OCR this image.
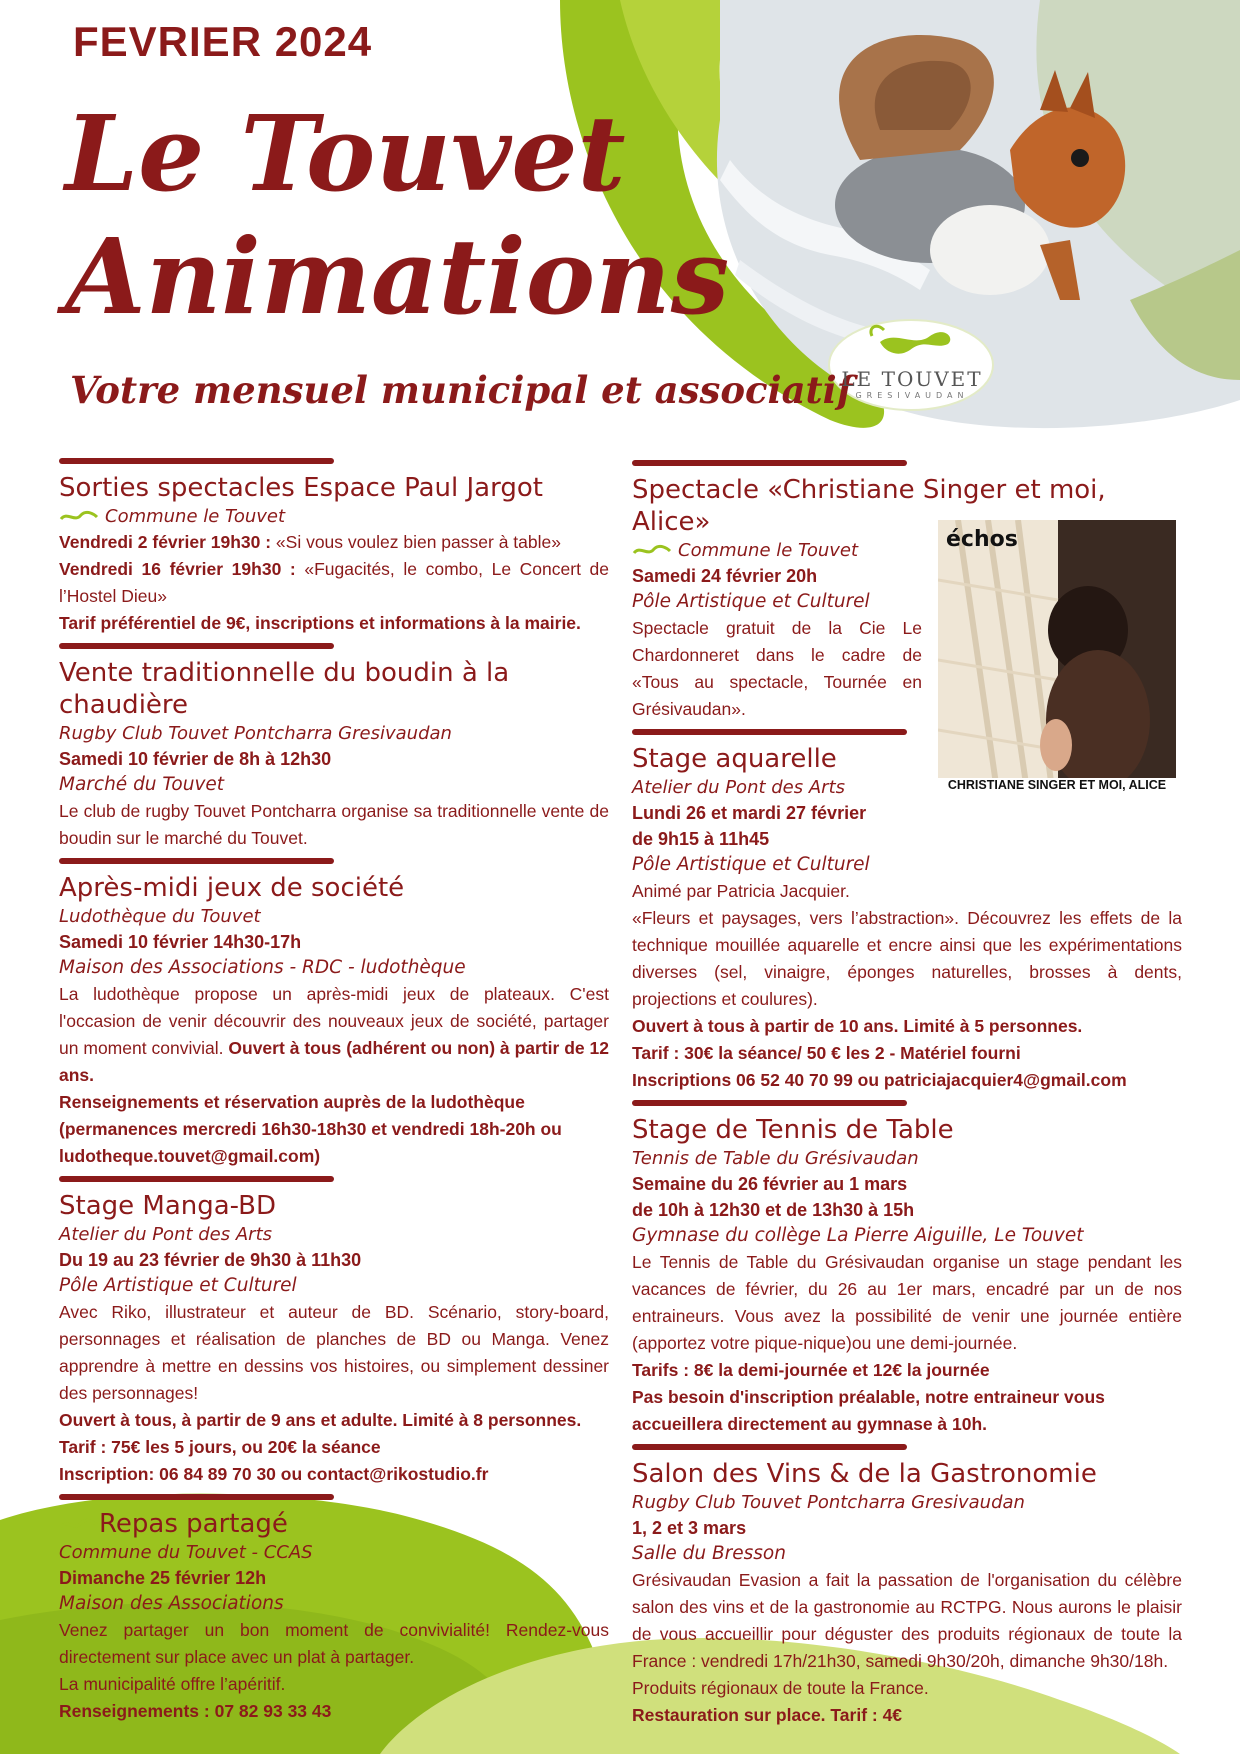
FEVRIER 2024
Le Touvet
Animations
Votre mensuel municipal et associatif
LE TOUVET
GRESIVAUDAN
Sorties spectacles Espace Paul Jargot
Commune le Touvet
Vendredi 2 février 19h30 : «Si vous voulez bien passer à table»
Vendredi 16 février 19h30 : «Fugacités, le combo, Le Concert de l’Hostel Dieu»
Tarif préférentiel de 9€, inscriptions et informations à la mairie.
Vente traditionnelle du boudin à la chaudière
Rugby Club Touvet Pontcharra Gresivaudan
Samedi 10 février de 8h à 12h30
Marché du Touvet
Le club de rugby Touvet Pontcharra organise sa traditionnelle vente de boudin sur le marché du Touvet.
Après-midi jeux de société
Ludothèque du Touvet
Samedi 10 février 14h30-17h
Maison des Associations - RDC - ludothèque
La ludothèque propose un après-midi jeux de plateaux. C'est l'occasion de venir découvrir des nouveaux jeux de société, partager un moment convivial. Ouvert à tous (adhérent ou non) à partir de 12 ans.
Renseignements et réservation auprès de la ludothèque (permanences mercredi 16h30-18h30 et vendredi 18h-20h ou ludotheque.touvet@gmail.com)
Stage Manga-BD
Atelier du Pont des Arts
Du 19 au 23 février de 9h30 à 11h30
Pôle Artistique et Culturel
Avec Riko, illustrateur et auteur de BD. Scénario, story-board, personnages et réalisation de planches de BD ou Manga. Venez apprendre à mettre en dessins vos histoires, ou simplement dessiner des personnages!
Ouvert à tous, à partir de 9 ans et adulte. Limité à 8 personnes.
Tarif : 75€ les 5 jours, ou 20€ la séance
Inscription: 06 84 89 70 30 ou contact@rikostudio.fr
Repas partagé
Commune du Touvet - CCAS
Dimanche 25 février 12h
Maison des Associations
Venez partager un bon moment de convivialité! Rendez-vous directement sur place avec un plat à partager.
La municipalité offre l’apéritif.
Renseignements : 07 82 93 33 43
Spectacle «Christiane Singer et moi, Alice»
Commune le Touvet
Samedi 24 février 20h
Pôle Artistique et Culturel
Spectacle gratuit de la Cie Le Chardonneret dans le cadre de «Tous au spectacle, Tournée en Grésivaudan».
Stage aquarelle
Atelier du Pont des Arts
Lundi 26 et mardi 27 février
de 9h15 à 11h45
Pôle Artistique et Culturel
Animé par Patricia Jacquier.
«Fleurs et paysages, vers l’abstraction». Découvrez les effets de la technique mouillée aquarelle et encre ainsi que les expérimentations diverses (sel, vinaigre, éponges naturelles, brosses à dents, projections et coulures).
Ouvert à tous à partir de 10 ans. Limité à 5 personnes.
Tarif : 30€ la séance/ 50 € les 2 - Matériel fourni
Inscriptions 06 52 40 70 99 ou patriciajacquier4@gmail.com
Stage de Tennis de Table
Tennis de Table du Grésivaudan
Semaine du 26 février au 1 mars
de 10h à 12h30 et de 13h30 à 15h
Gymnase du collège La Pierre Aiguille, Le Touvet
Le Tennis de Table du Grésivaudan organise un stage pendant les vacances de février, du 26 au 1er mars, encadré par un de nos entraineurs. Vous avez la possibilité de venir une journée entière (apportez votre pique-nique)ou une demi-journée.
Tarifs : 8€ la demi-journée et 12€ la journée
Pas besoin d'inscription préalable, notre entraineur vous accueillera directement au gymnase à 10h.
Salon des Vins & de la Gastronomie
Rugby Club Touvet Pontcharra Gresivaudan
1, 2 et 3 mars
Salle du Bresson
Grésivaudan Evasion a fait la passation de l'organisation du célèbre salon des vins et de la gastronomie au RCTPG. Nous aurons le plaisir de vous accueillir pour déguster des produits régionaux de toute la France : vendredi 17h/21h30, samedi 9h30/20h, dimanche 9h30/18h.
Produits régionaux de toute la France.
Restauration sur place. Tarif : 4€
échos
CHRISTIANE SINGER ET MOI, ALICE
